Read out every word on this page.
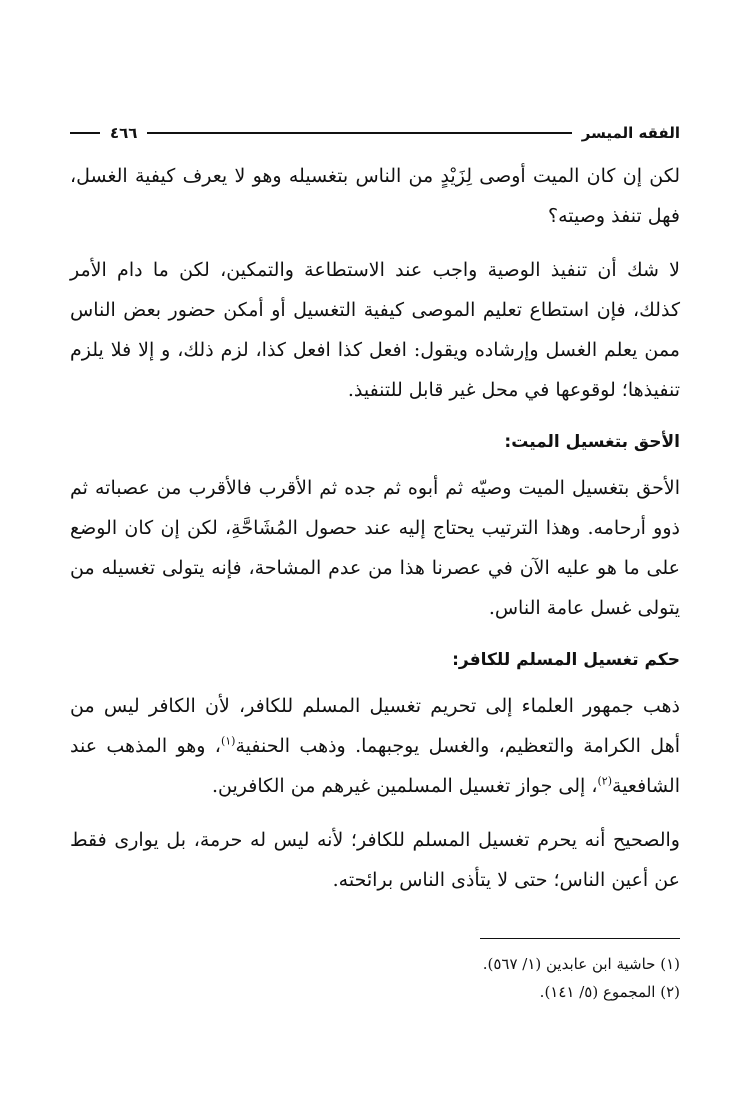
الفقه الميسر
٤٦٦

لكن إن كان الميت أوصى لِزَيْدٍ من الناس بتغسيله وهو لا يعرف كيفية الغسل، فهل تنفذ وصيته؟

لا شك أن تنفيذ الوصية واجب عند الاستطاعة والتمكين، لكن ما دام الأمر كذلك، فإن استطاع تعليم الموصى كيفية التغسيل أو أمكن حضور بعض الناس ممن يعلم الغسل وإرشاده ويقول: افعل كذا افعل كذا، لزم ذلك، و إلا فلا يلزم تنفيذها؛ لوقوعها في محل غير قابل للتنفيذ.

الأحق بتغسيل الميت:

الأحق بتغسيل الميت وصيّه ثم أبوه ثم جده ثم الأقرب فالأقرب من عصباته ثم ذوو أرحامه. وهذا الترتيب يحتاج إليه عند حصول المُشَاحَّةِ، لكن إن كان الوضع على ما هو عليه الآن في عصرنا هذا من عدم المشاحة، فإنه يتولى تغسيله من يتولى غسل عامة الناس.

حكم تغسيل المسلم للكافر:

ذهب جمهور العلماء إلى تحريم تغسيل المسلم للكافر، لأن الكافر ليس من أهل الكرامة والتعظيم، والغسل يوجبهما. وذهب الحنفية$^{(١)}$، وهو المذهب عند الشافعية$^{(٢)}$، إلى جواز تغسيل المسلمين غيرهم من الكافرين.

والصحيح أنه يحرم تغسيل المسلم للكافر؛ لأنه ليس له حرمة، بل يوارى فقط عن أعين الناس؛ حتى لا يتأذى الناس برائحته.

(١) حاشية ابن عابدين (١/ ٥٦٧).

(٢) المجموع (٥/ ١٤١).
